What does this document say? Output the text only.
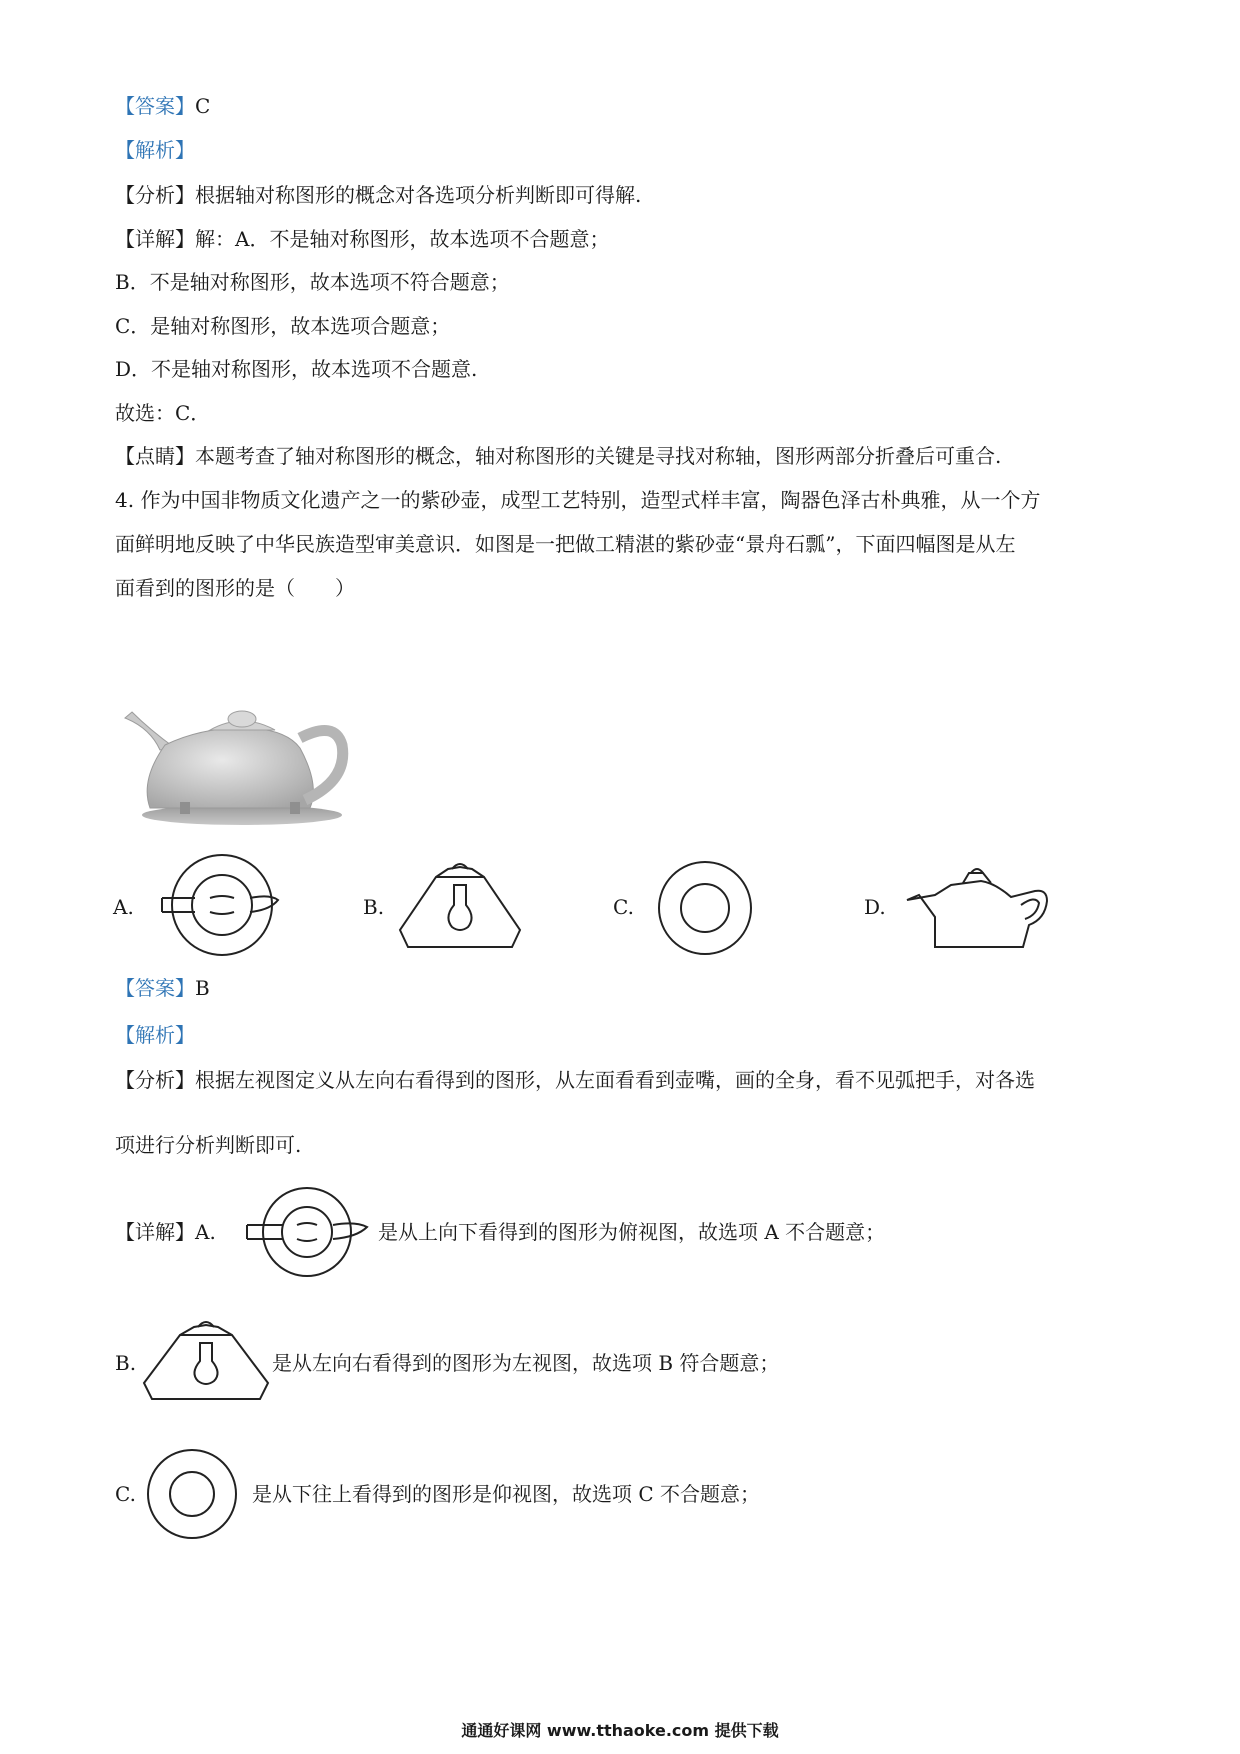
【答案】C
【解析】
【分析】根据轴对称图形的概念对各选项分析判断即可得解.
【详解】解：A．不是轴对称图形，故本选项不合题意；
B．不是轴对称图形，故本选项不符合题意；
C．是轴对称图形，故本选项合题意；
D．不是轴对称图形，故本选项不合题意.
故选：C．
【点睛】本题考查了轴对称图形的概念，轴对称图形的关键是寻找对称轴，图形两部分折叠后可重合.
4. 作为中国非物质文化遗产之一的紫砂壶，成型工艺特别，造型式样丰富，陶器色泽古朴典雅，从一个方
面鲜明地反映了中华民族造型审美意识．如图是一把做工精湛的紫砂壶“景舟石瓢”，下面四幅图是从左
面看到的图形的是（　　）
A.	B.	C.	D.
【答案】B
【解析】
【分析】根据左视图定义从左向右看得到的图形，从左面看看到壶嘴，画的全身，看不见弧把手，对各选
项进行分析判断即可.
【详解】A.	是从上向下看得到的图形为俯视图，故选项 A 不合题意；
B.	是从左向右看得到的图形为左视图，故选项 B 符合题意；
C.	是从下往上看得到的图形是仰视图，故选项 C 不合题意；
通通好课网 www.tthaoke.com 提供下载
